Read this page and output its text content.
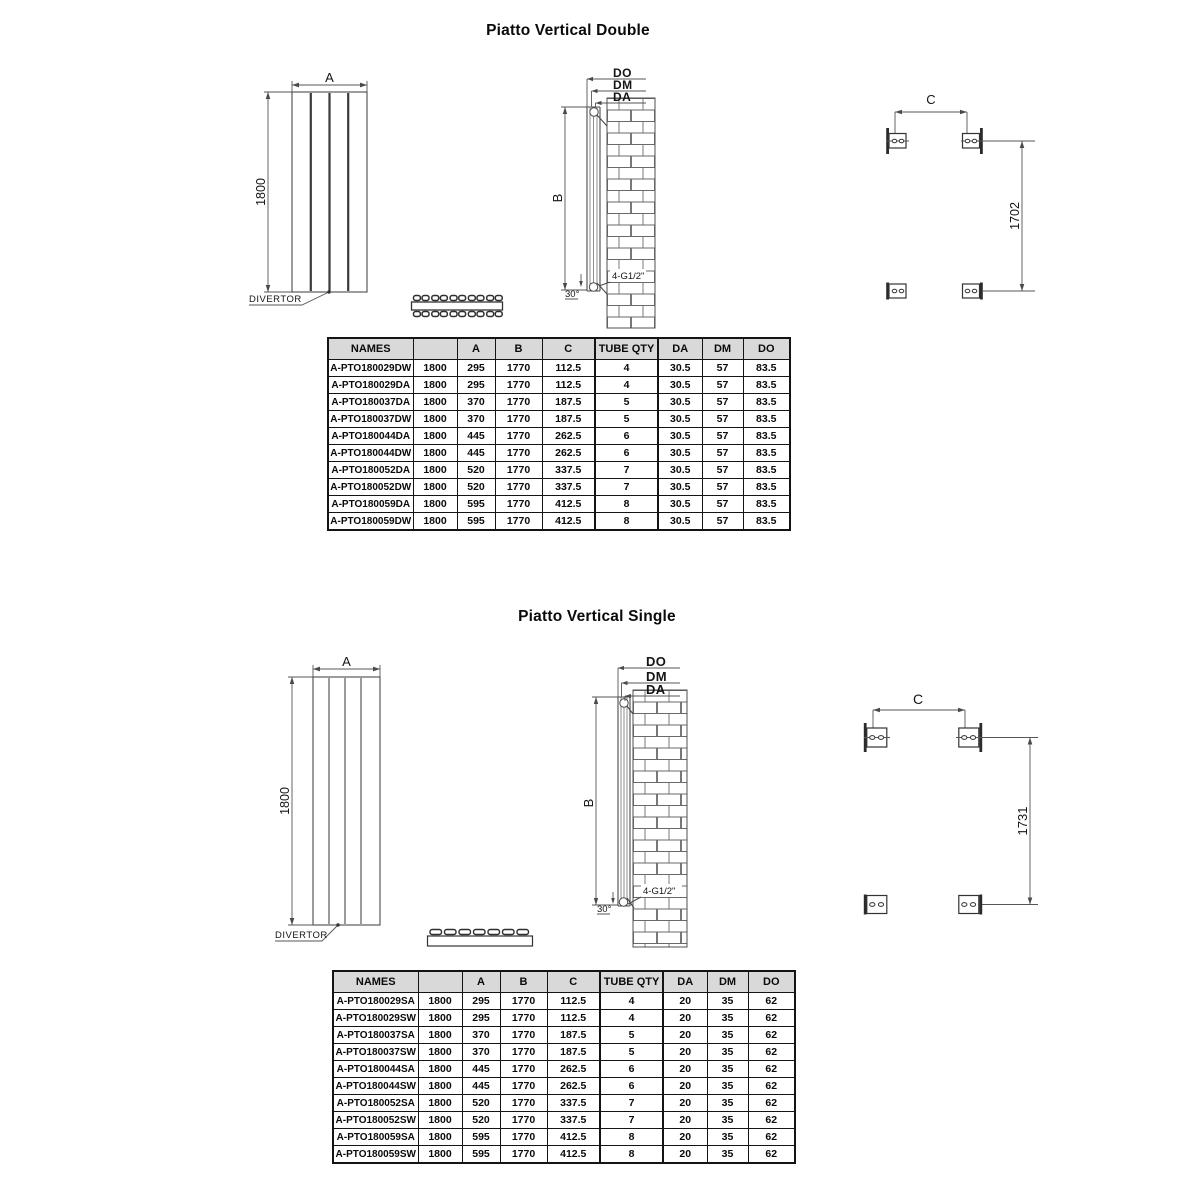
Piatto Vertical Double
A
1800
DIVERTOR
DO
DM
DA
B
4-G1/2"
30°
C
1702
NAMES		A	B	C	TUBE QTY	DA	DM	DO
A-PTO180029DW	1800	295	1770	112.5	4	30.5	57	83.5
A-PTO180029DA	1800	295	1770	112.5	4	30.5	57	83.5
A-PTO180037DA	1800	370	1770	187.5	5	30.5	57	83.5
A-PTO180037DW	1800	370	1770	187.5	5	30.5	57	83.5
A-PTO180044DA	1800	445	1770	262.5	6	30.5	57	83.5
A-PTO180044DW	1800	445	1770	262.5	6	30.5	57	83.5
A-PTO180052DA	1800	520	1770	337.5	7	30.5	57	83.5
A-PTO180052DW	1800	520	1770	337.5	7	30.5	57	83.5
A-PTO180059DA	1800	595	1770	412.5	8	30.5	57	83.5
A-PTO180059DW	1800	595	1770	412.5	8	30.5	57	83.5
Piatto Vertical Single
A
1800
DIVERTOR
DO
DM
DA
B
4-G1/2"
30°
C
1731
NAMES		A	B	C	TUBE QTY	DA	DM	DO
A-PTO180029SA	1800	295	1770	112.5	4	20	35	62
A-PTO180029SW	1800	295	1770	112.5	4	20	35	62
A-PTO180037SA	1800	370	1770	187.5	5	20	35	62
A-PTO180037SW	1800	370	1770	187.5	5	20	35	62
A-PTO180044SA	1800	445	1770	262.5	6	20	35	62
A-PTO180044SW	1800	445	1770	262.5	6	20	35	62
A-PTO180052SA	1800	520	1770	337.5	7	20	35	62
A-PTO180052SW	1800	520	1770	337.5	7	20	35	62
A-PTO180059SA	1800	595	1770	412.5	8	20	35	62
A-PTO180059SW	1800	595	1770	412.5	8	20	35	62
